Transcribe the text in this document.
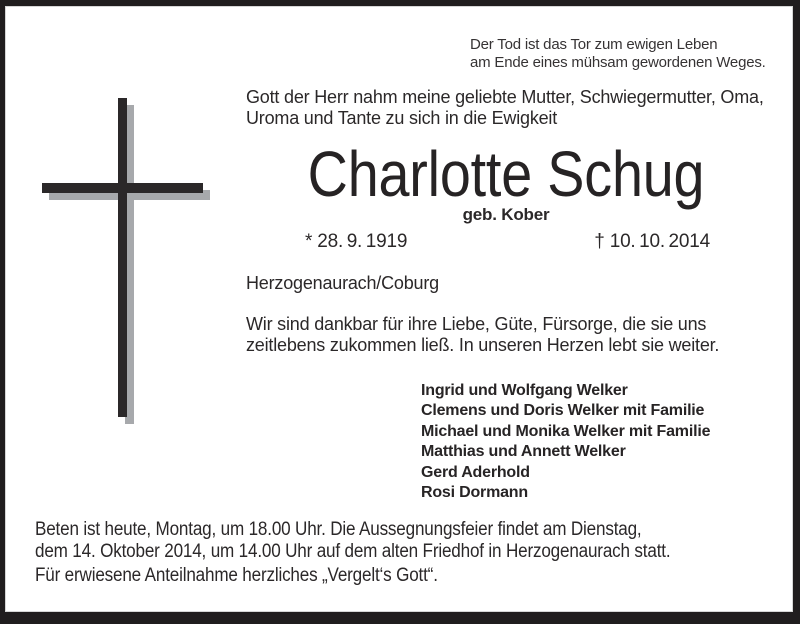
Der Tod ist das Tor zum ewigen Leben
am Ende eines mühsam gewordenen Weges.
Gott der Herr nahm meine geliebte Mutter, Schwiegermutter, Oma,
Uroma und Tante zu sich in die Ewigkeit
Charlotte Schug
geb. Kober
* 28. 9. 1919	† 10. 10. 2014
Herzogenaurach/Coburg
Wir sind dankbar für ihre Liebe, Güte, Fürsorge, die sie uns
zeitlebens zukommen ließ. In unseren Herzen lebt sie weiter.
Ingrid und Wolfgang Welker
Clemens und Doris Welker mit Familie
Michael und Monika Welker mit Familie
Matthias und Annett Welker
Gerd Aderhold
Rosi Dormann
Beten ist heute, Montag, um 18.00 Uhr. Die Aussegnungsfeier findet am Dienstag,
dem 14. Oktober 2014, um 14.00 Uhr auf dem alten Friedhof in Herzogenaurach statt.
Für erwiesene Anteilnahme herzliches „Vergelt‘s Gott“.
